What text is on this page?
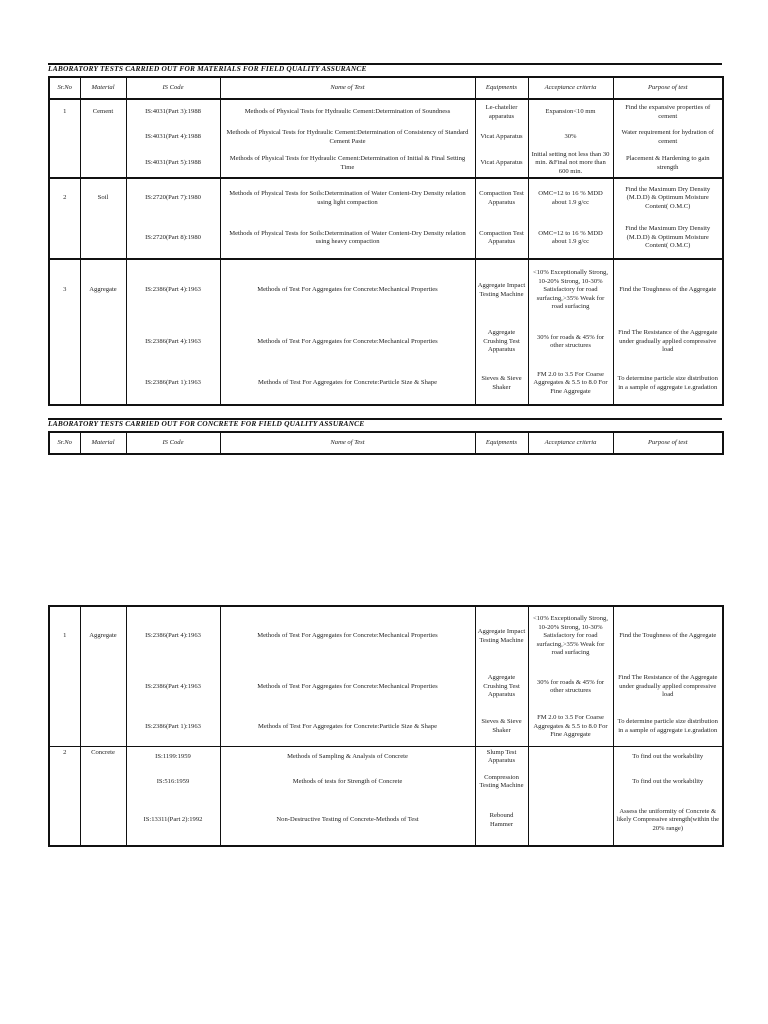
LABORATORY TESTS CARRIED OUT FOR MATERIALS FOR FIELD QUALITY ASSURANCE
Sr.No	Material	IS Code	Name of Test	Equipments	Acceptance criteria	Purpose of test
1	Cement	IS:4031(Part 3):1988	Methods of Physical Tests for Hydraulic Cement:Determination of Soundness	Le-chatelier apparatus	Expansion<10 mm	Find the expansive properties of cement
		IS:4031(Part 4):1988	Methods of Physical Tests for Hydraulic Cement:Determination of Consistency of Standard Cement Paste	Vicat Apparatus	30%	Water requirement for hydration of cement
		IS:4031(Part 5):1988	Methods of Physical Tests for Hydraulic Cement:Determination of Initial & Final Setting Time	Vicat Apparatus	Initial setting not less than 30 min. &Final not more than 600 min.	Placement & Hardening to gain strength
2	Soil	IS:2720(Part 7):1980	Methods of Physical Tests for Soils:Determination of Water Content-Dry Density relation using light compaction	Compaction Test Apparatus	OMC=12 to 16 % MDD about 1.9 g/cc	Find the Maximum Dry Density (M.D.D) & Optimum Moisture Content( O.M.C)
		IS:2720(Part 8):1980	Methods of Physical Tests for Soils:Determination of Water Content-Dry Density relation using heavy compaction	Compaction Test Apparatus	OMC=12 to 16 % MDD about 1.9 g/cc	Find the Maximum Dry Density (M.D.D) & Optimum Moisture Content( O.M.C)
3	Aggregate	IS:2386(Part 4):1963	Methods of Test For Aggregates for Concrete:Mechanical Properties	Aggregate Impact Testing Machine	<10% Exceptionally Strong, 10-20% Strong, 10-30% Satisfactory for road surfacing,>35% Weak for road surfacing	Find the Toughness of the Aggregate
		IS:2386(Part 4):1963	Methods of Test For Aggregates for Concrete:Mechanical Properties	Aggregate Crushing Test Apparatus	30% for roads & 45% for other structures	Find The Resistance of the Aggregate under gradually applied compressive load
		IS:2386(Part 1):1963	Methods of Test For Aggregates for Concrete:Particle Size & Shape	Sieves & Sieve Shaker	FM 2.0 to 3.5 For Coarse Aggregates & 5.5 to 8.0 For Fine Aggregate	To determine particle size distribution in a sample of aggregate i.e.gradation
LABORATORY TESTS CARRIED OUT FOR CONCRETE FOR FIELD QUALITY ASSURANCE
Sr.No	Material	IS Code	Name of Test	Equipments	Acceptance criteria	Purpose of test
1	Aggregate	IS:2386(Part 4):1963	Methods of Test For Aggregates for Concrete:Mechanical Properties	Aggregate Impact Testing Machine	<10% Exceptionally Strong, 10-20% Strong, 10-30% Satisfactory for road surfacing,>35% Weak for road surfacing	Find the Toughness of the Aggregate
		IS:2386(Part 4):1963	Methods of Test For Aggregates for Concrete:Mechanical Properties	Aggregate Crushing Test Apparatus	30% for roads & 45% for other structures	Find The Resistance of the Aggregate under gradually applied compressive load
		IS:2386(Part 1):1963	Methods of Test For Aggregates for Concrete:Particle Size & Shape	Sieves & Sieve Shaker	FM 2.0 to 3.5 For Coarse Aggregates & 5.5 to 8.0 For Fine Aggregate	To determine particle size distribution in a sample of aggregate i.e.gradation
2	Concrete	IS:1199:1959	Methods of Sampling & Analysis of Concrete	Slump Test Apparatus		To find out the workability
		IS:516:1959	Methods of tests for Strength of Concrete	Compression Testing Machine		To find out the workability
		IS:13311(Part 2):1992	Non-Destructive Testing of Concrete-Methods of Test	Rebound Hammer		Assess the uniformity of Concrete & likely Compressive strength(within the 20% range)
